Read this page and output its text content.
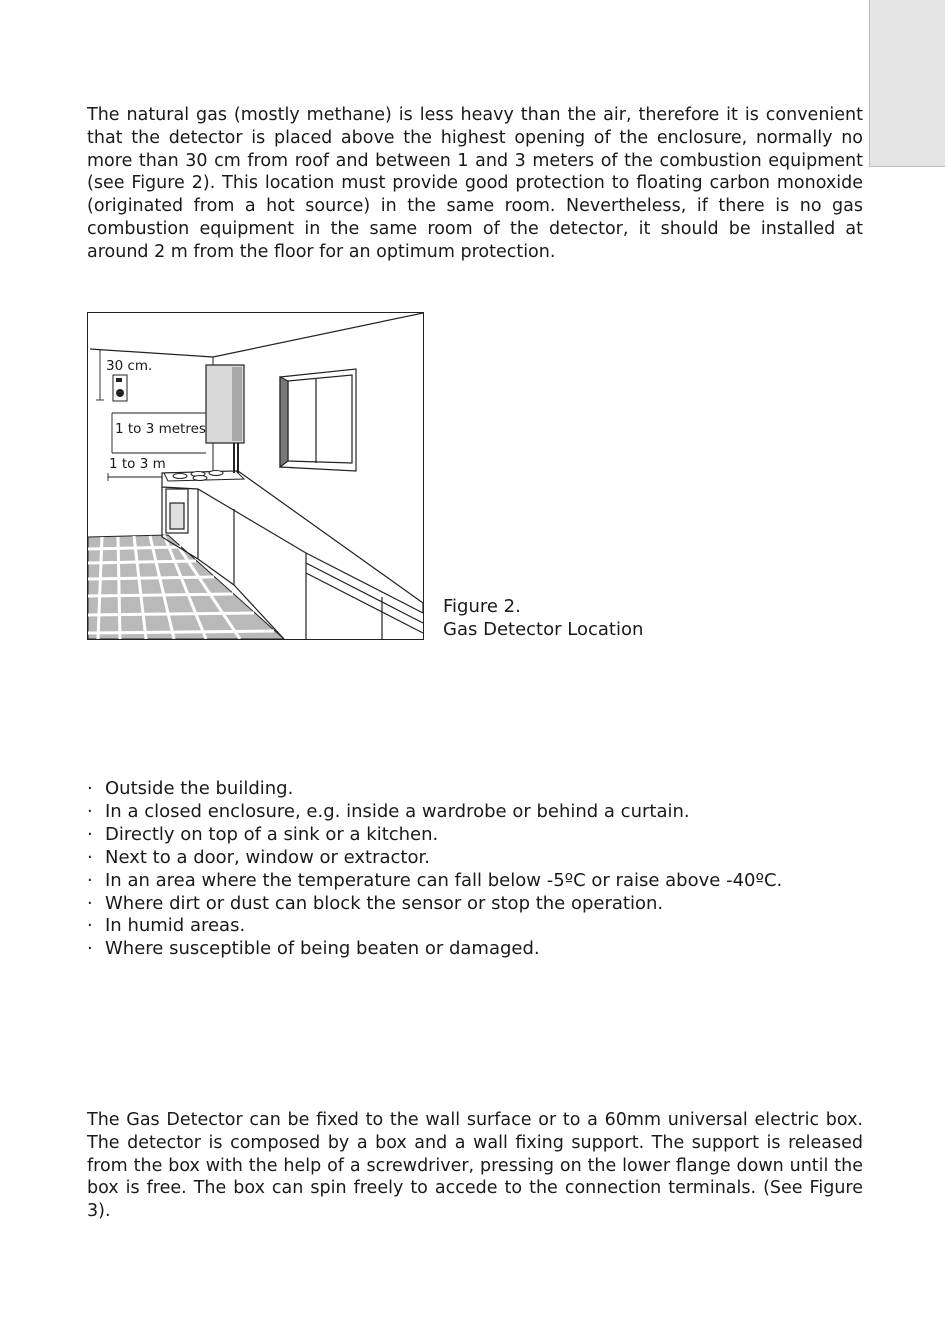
The natural gas (mostly methane) is less heavy than the air, therefore it is convenient that the detector is placed above the highest opening of the enclosure, normally no more than 30 cm from roof and between 1 and 3 meters of the combustion equipment (see Figure 2). This location must provide good protection to floating carbon monoxide (originated from a hot source) in the same room. Nevertheless, if there is no gas combustion equipment in the same room of the detector, it should be installed at around 2 m from the floor for an optimum protection.

30 cm.
1 to 3 metres
1 to 3 m
Figure 2.
Gas Detector Location
· Outside the building.
· In a closed enclosure, e.g. inside a wardrobe or behind a curtain.
· Directly on top of a sink or a kitchen.
· Next to a door, window or extractor.
· In an area where the temperature can fall below -5ºC or raise above -40ºC.
· Where dirt or dust can block the sensor or stop the operation.
· In humid areas.
· Where susceptible of being beaten or damaged.

The Gas Detector can be fixed to the wall surface or to a 60mm universal electric box. The detector is composed by a box and a wall fixing support. The support is released from the box with the help of a screwdriver, pressing on the lower flange down until the box is free. The box can spin freely to accede to the connection terminals. (See Figure 3).
